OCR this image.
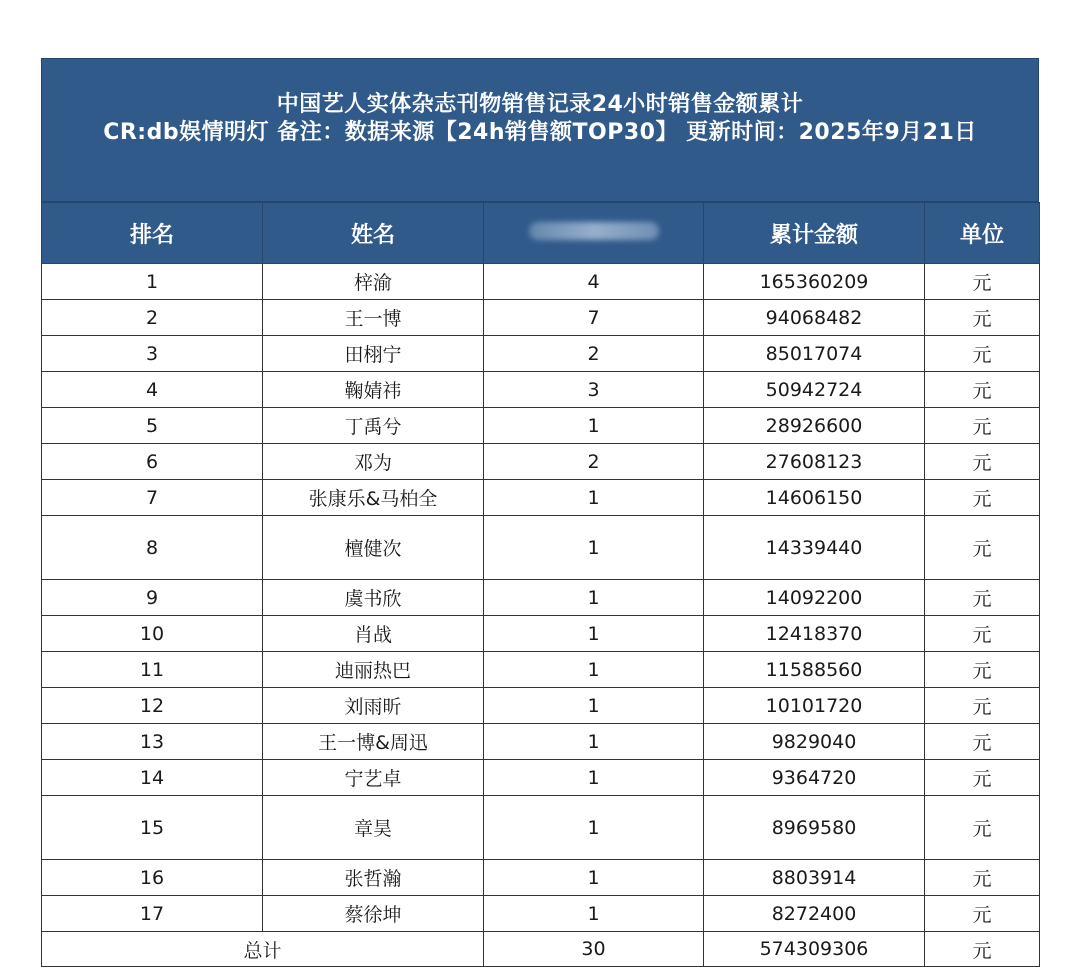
中国艺人实体杂志刊物销售记录24小时销售金额累计
CR:db娱情明灯 备注：数据来源【24h销售额TOP30】 更新时间：2025年9月21日
排名	姓名		累计金额	单位
1	梓渝	4	165360209	元
2	王一博	7	94068482	元
3	田栩宁	2	85017074	元
4	鞠婧祎	3	50942724	元
5	丁禹兮	1	28926600	元
6	邓为	2	27608123	元
7	张康乐&马柏全	1	14606150	元
8	檀健次	1	14339440	元
9	虞书欣	1	14092200	元
10	肖战	1	12418370	元
11	迪丽热巴	1	11588560	元
12	刘雨昕	1	10101720	元
13	王一博&周迅	1	9829040	元
14	宁艺卓	1	9364720	元
15	章昊	1	8969580	元
16	张哲瀚	1	8803914	元
17	蔡徐坤	1	8272400	元
总计		30	574309306	元
